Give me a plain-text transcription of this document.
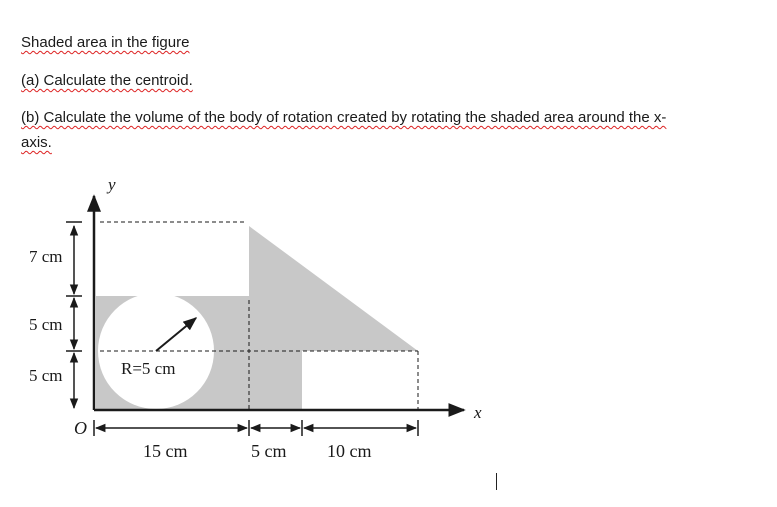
Shaded area in the figure
(a) Calculate the centroid.
(b) Calculate the volume of the body of rotation created by rotating the shaded area around the x-
axis.
y
x
O
7 cm
5 cm
5 cm	R=5 cm
15 cm	5 cm 10 cm
